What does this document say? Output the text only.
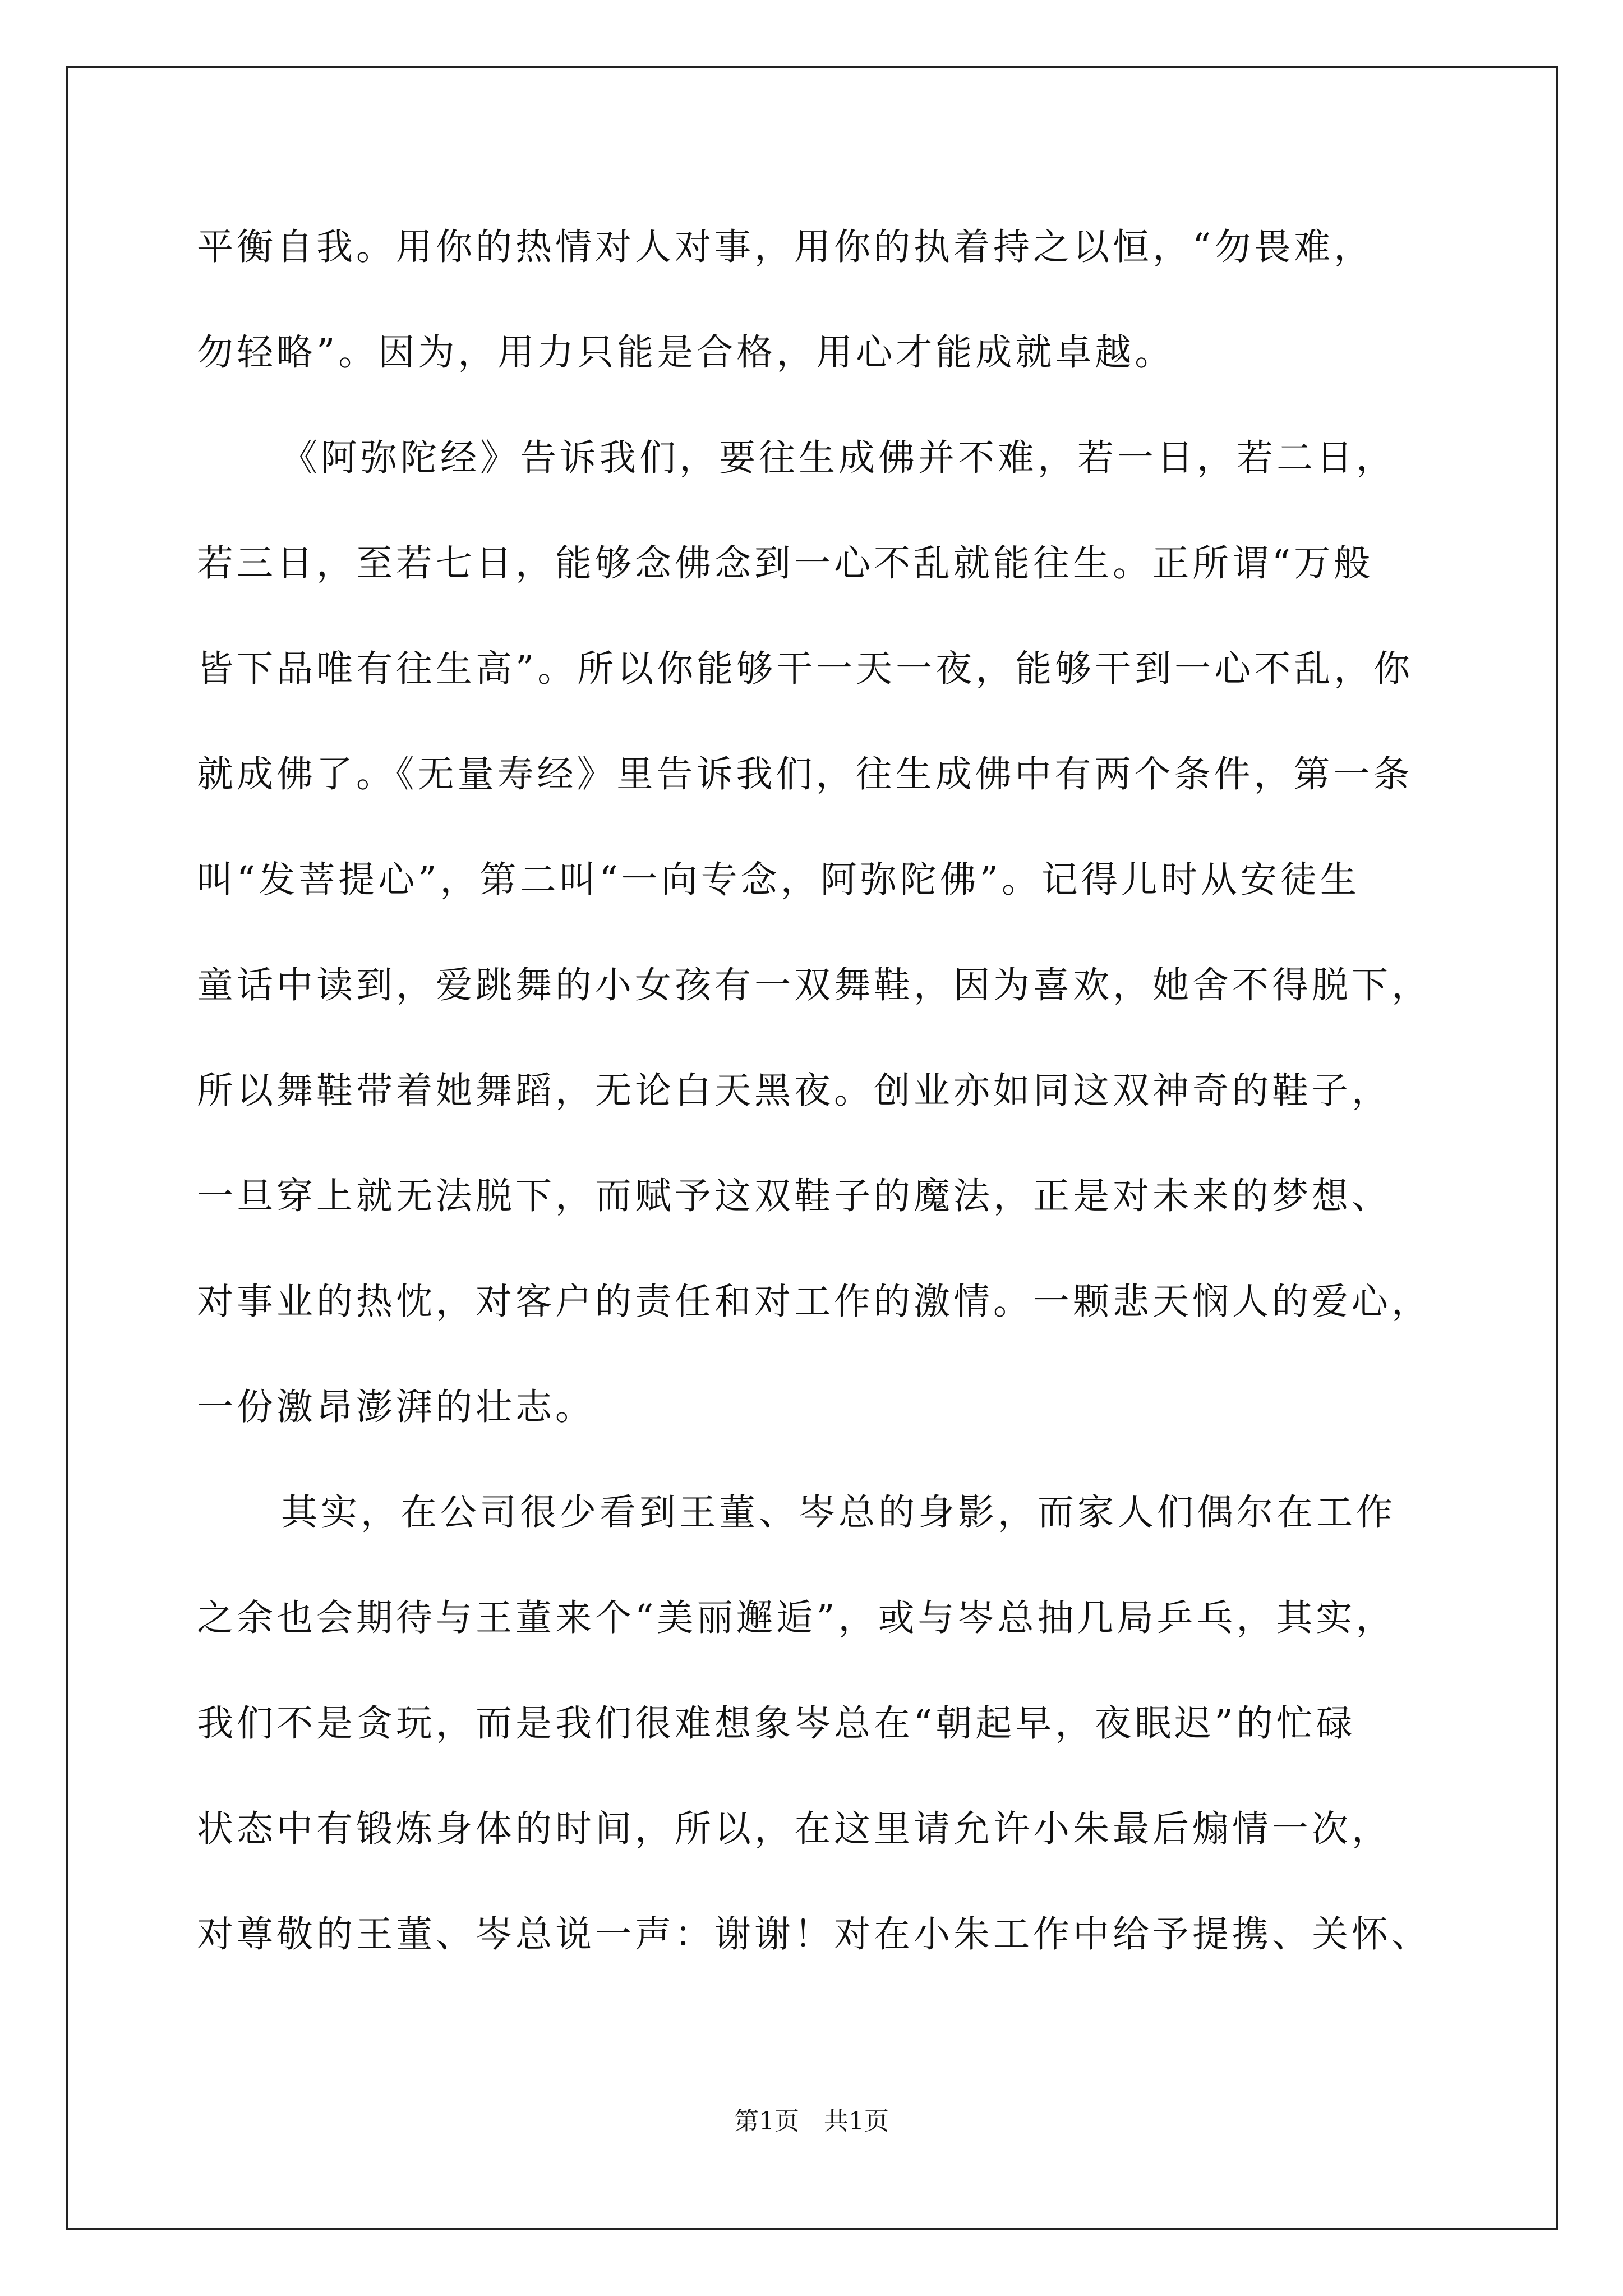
平衡自我。用你的热情对人对事，用你的执着持之以恒，“勿畏难，
勿轻略”。因为，用力只能是合格，用心才能成就卓越。
《阿弥陀经》告诉我们，要往生成佛并不难，若一日，若二日，
若三日，至若七日，能够念佛念到一心不乱就能往生。正所谓“万般
皆下品唯有往生高”。所以你能够干一天一夜，能够干到一心不乱，你
就成佛了。《无量寿经》里告诉我们，往生成佛中有两个条件，第一条
叫“发菩提心”，第二叫“一向专念，阿弥陀佛”。记得儿时从安徒生
童话中读到，爱跳舞的小女孩有一双舞鞋，因为喜欢，她舍不得脱下，
所以舞鞋带着她舞蹈，无论白天黑夜。创业亦如同这双神奇的鞋子，
一旦穿上就无法脱下，而赋予这双鞋子的魔法，正是对未来的梦想、
对事业的热忱，对客户的责任和对工作的激情。一颗悲天悯人的爱心，
一份激昂澎湃的壮志。
其实，在公司很少看到王董、岑总的身影，而家人们偶尔在工作
之余也会期待与王董来个“美丽邂逅”，或与岑总抽几局乒乓，其实，
我们不是贪玩，而是我们很难想象岑总在“朝起早，夜眠迟”的忙碌
状态中有锻炼身体的时间，所以，在这里请允许小朱最后煽情一次，
对尊敬的王董、岑总说一声：谢谢！对在小朱工作中给予提携、关怀、
第1页 共1页
